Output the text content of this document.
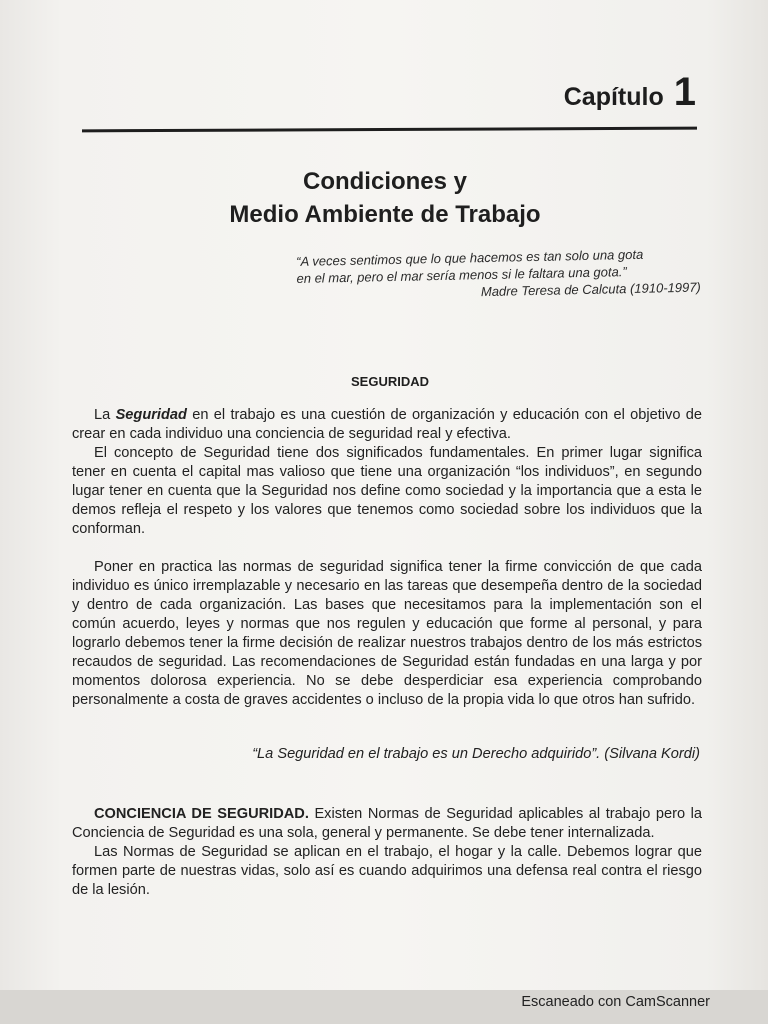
Capítulo 1
Condiciones y
Medio Ambiente de Trabajo
“A veces sentimos que lo que hacemos es tan solo una gota
en el mar, pero el mar sería menos si le faltara una gota.”
Madre Teresa de Calcuta (1910-1997)
SEGURIDAD

La Seguridad en el trabajo es una cuestión de organización y educación con el objetivo de crear en cada individuo una conciencia de seguridad real y efectiva.

El concepto de Seguridad tiene dos significados fundamentales. En primer lugar significa tener en cuenta el capital mas valioso que tiene una organización “los individuos”, en segundo lugar tener en cuenta que la Seguridad nos define como sociedad y la importancia que a esta le demos refleja el respeto y los valores que tenemos como sociedad sobre los individuos que la conforman.

Poner en practica las normas de seguridad significa tener la firme convicción de que cada individuo es único irremplazable y necesario en las tareas que desempeña dentro de la sociedad y dentro de cada organización. Las bases que necesitamos para la implementación son el común acuerdo, leyes y normas que nos regulen y educación que forme al personal, y para lograrlo debemos tener la firme decisión de realizar nuestros trabajos dentro de los más estrictos recaudos de seguridad. Las recomendaciones de Seguridad están fundadas en una larga y por momentos dolorosa experiencia. No se debe desperdiciar esa experiencia comprobando personalmente a costa de graves accidentes o incluso de la propia vida lo que otros han sufrido.

“La Seguridad en el trabajo es un Derecho adquirido”. (Silvana Kordi)

CONCIENCIA DE SEGURIDAD. Existen Normas de Seguridad aplicables al trabajo pero la Conciencia de Seguridad es una sola, general y permanente. Se debe tener internalizada.

Las Normas de Seguridad se aplican en el trabajo, el hogar y la calle. Debemos lograr que formen parte de nuestras vidas, solo así es cuando adquirimos una defensa real contra el riesgo de la lesión.

Escaneado con CamScanner
